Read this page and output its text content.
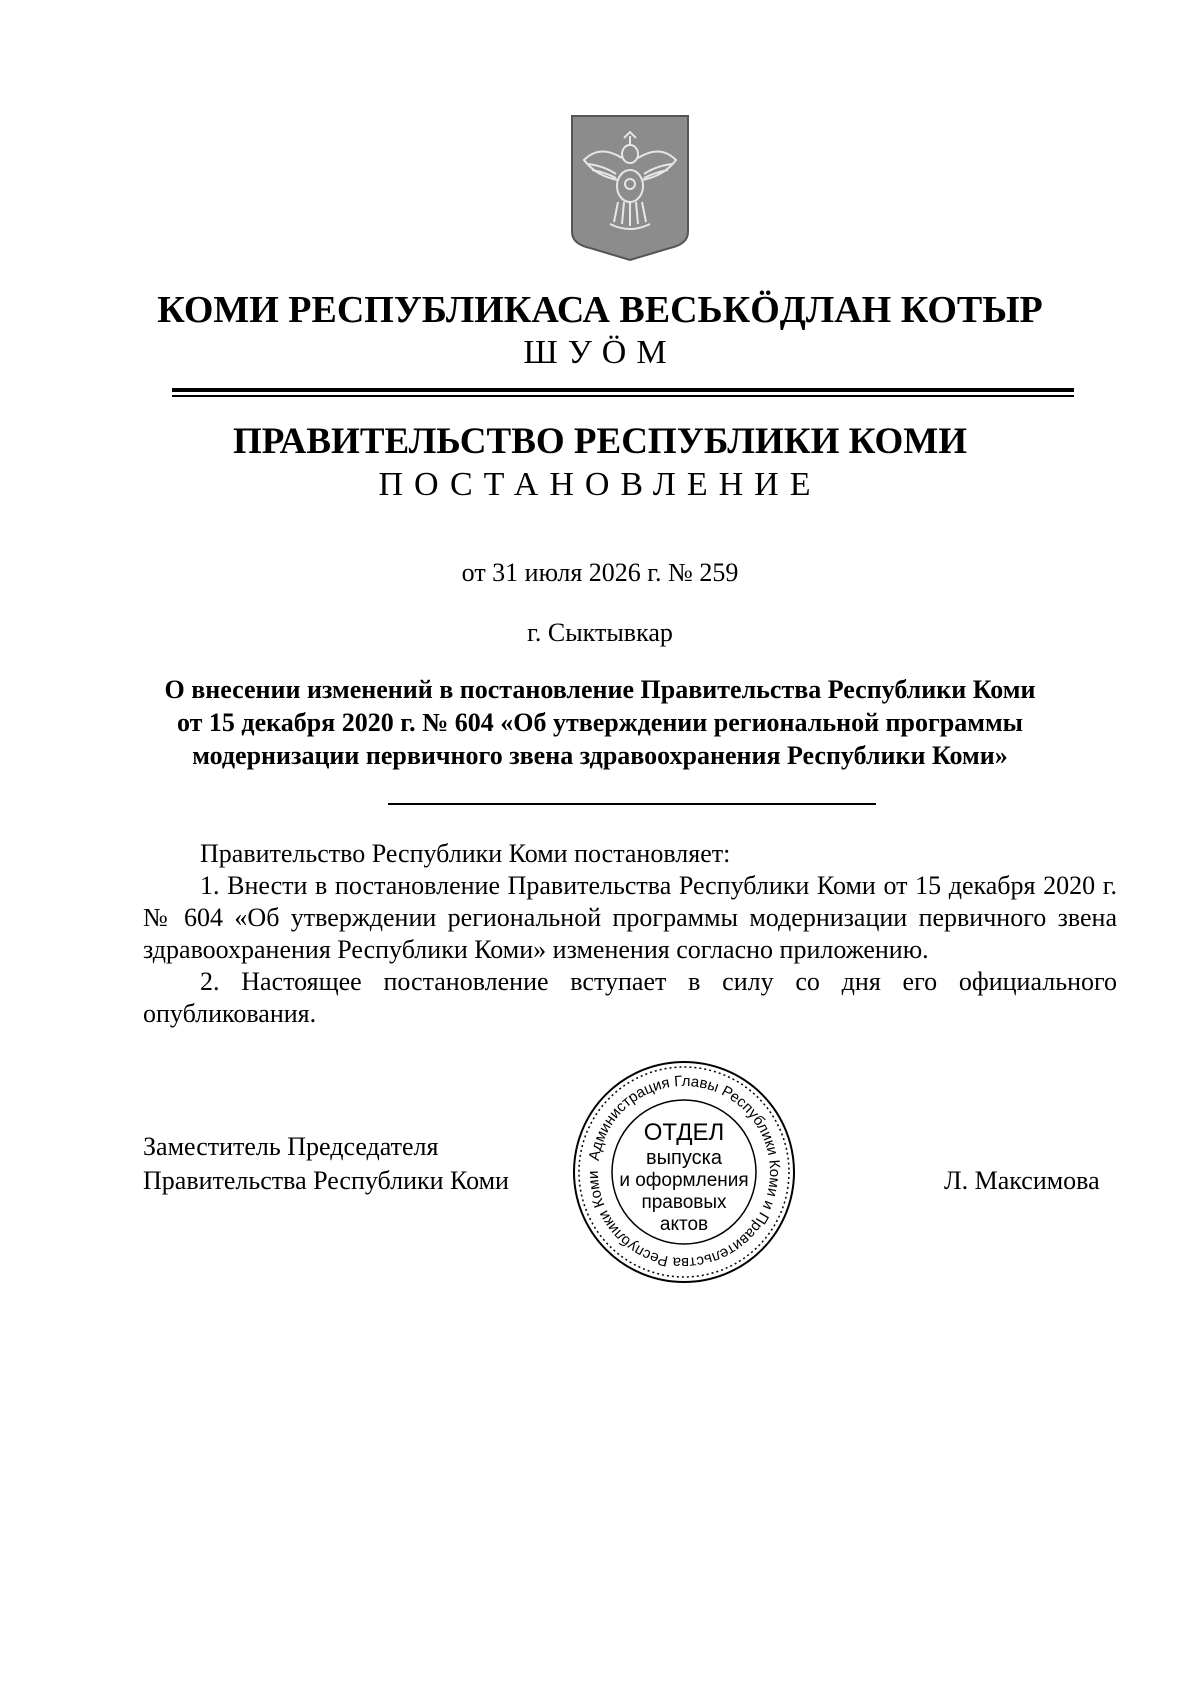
КОМИ РЕСПУБЛИКАСА ВЕСЬКӦДЛАН КОТЫР
ШУӦМ
ПРАВИТЕЛЬСТВО РЕСПУБЛИКИ КОМИ
ПОСТАНОВЛЕНИЕ
от 31 июля 2026 г. № 259
г. Сыктывкар
О внесении изменений в постановление Правительства Республики Коми
от 15 декабря 2020 г. № 604 «Об утверждении региональной программы
модернизации первичного звена здравоохранения Республики Коми»

Правительство Республики Коми постановляет:

1. Внести в постановление Правительства Республики Коми от 15 декабря 2020 г. № 604 «Об утверждении региональной программы модернизации первичного звена здравоохранения Республики Коми» изменения согласно приложению.

2. Настоящее постановление вступает в силу со дня его официального опубликования.

Заместитель Председателя
Правительства Республики Коми	Л. Максимова
Администрация Главы Республики Коми и Правительства Республики Коми
ОТДЕЛ
выпуска
и оформления
правовых
актов
